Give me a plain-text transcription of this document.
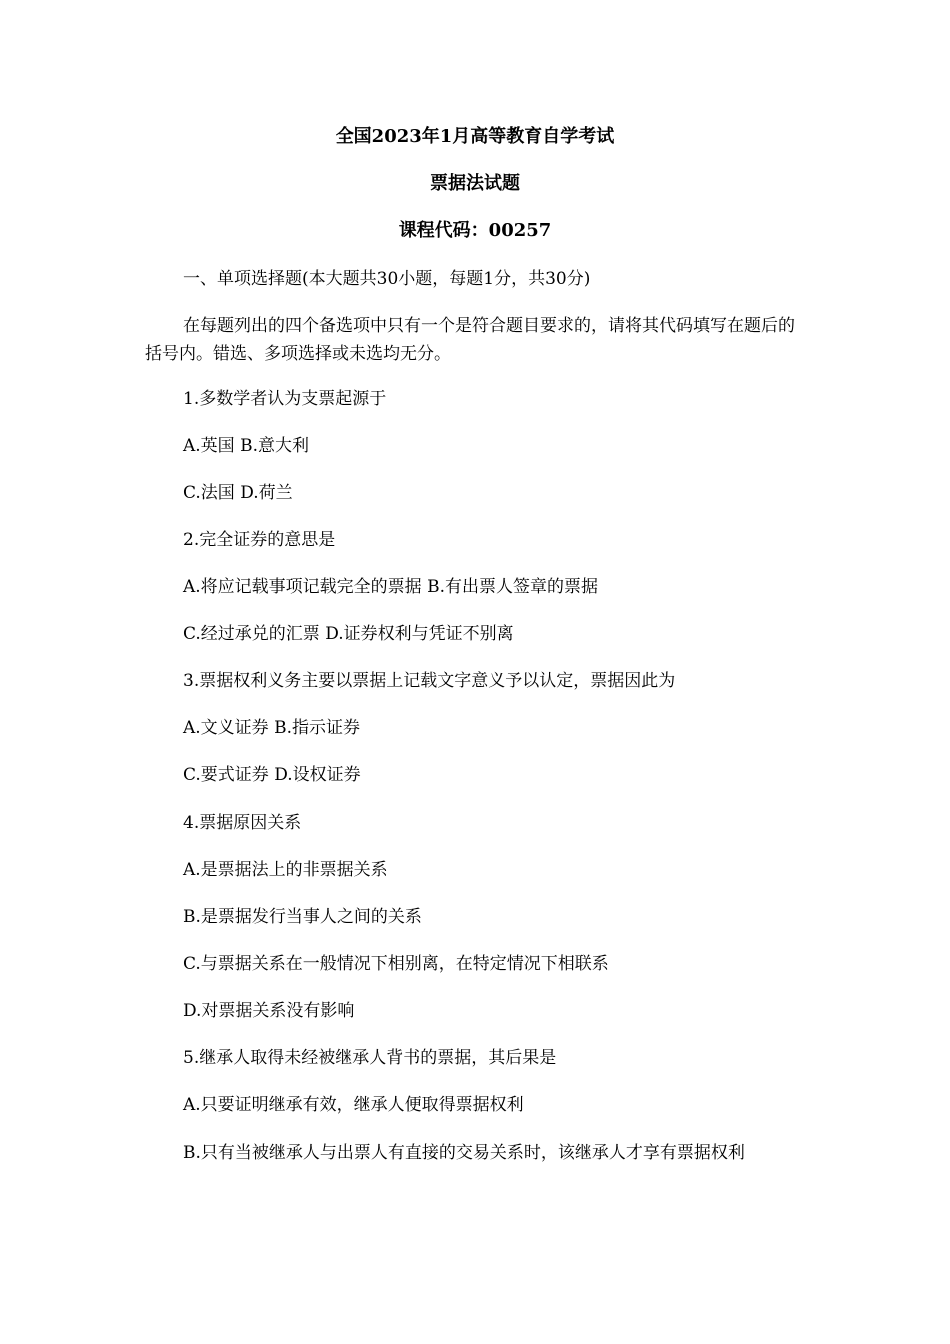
全国2023年1月高等教育自学考试
票据法试题
课程代码：00257
一、单项选择题(本大题共30小题，每题1分，共30分)
在每题列出的四个备选项中只有一个是符合题目要求的，请将其代码填写在题后的括号内。错选、多项选择或未选均无分。
1.多数学者认为支票起源于
A.英国 B.意大利
C.法国 D.荷兰
2.完全证券的意思是
A.将应记载事项记载完全的票据 B.有出票人签章的票据
C.经过承兑的汇票 D.证券权利与凭证不别离
3.票据权利义务主要以票据上记载文字意义予以认定，票据因此为
A.文义证券 B.指示证券
C.要式证券 D.设权证券
4.票据原因关系
A.是票据法上的非票据关系
B.是票据发行当事人之间的关系
C.与票据关系在一般情况下相别离，在特定情况下相联系
D.对票据关系没有影响
5.继承人取得未经被继承人背书的票据，其后果是
A.只要证明继承有效，继承人便取得票据权利
B.只有当被继承人与出票人有直接的交易关系时，该继承人才享有票据权利
